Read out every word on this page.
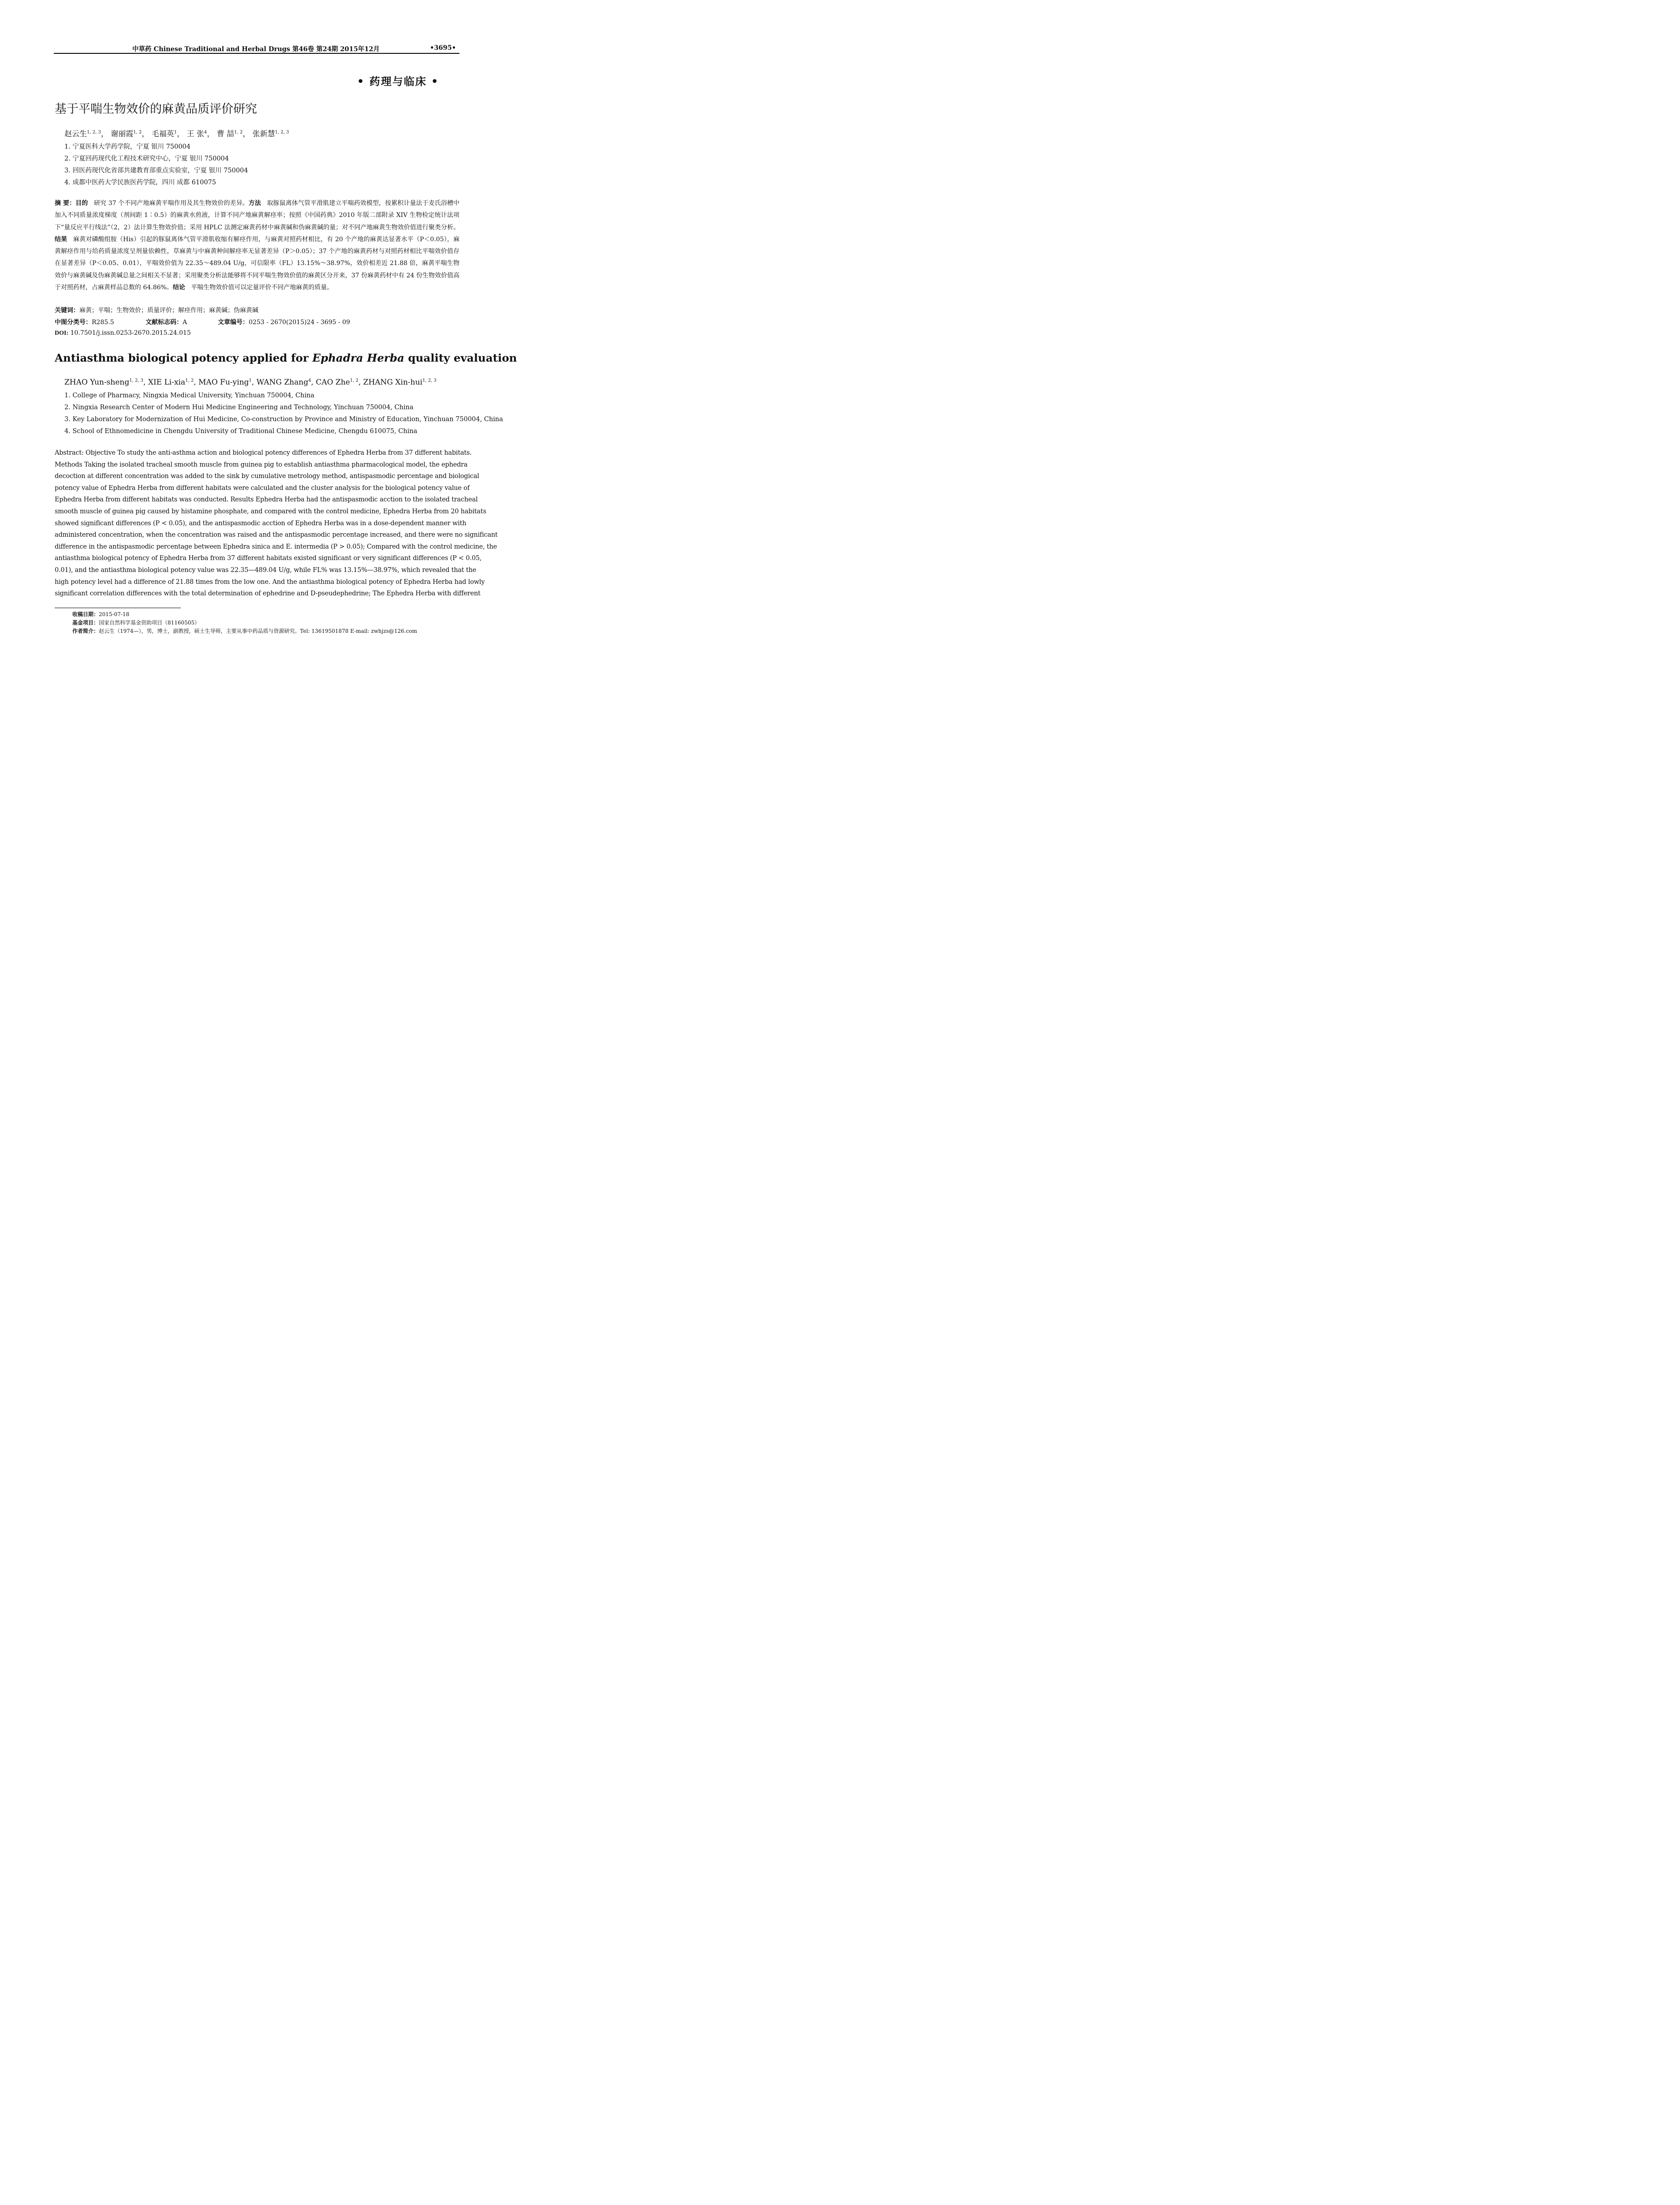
中草药 Chinese Traditional and Herbal Drugs 第46卷 第24期 2015年12月	•3695•
• 药理与临床 •
基于平喘生物效价的麻黄品质评价研究
赵云生$^{1, 2, 3}$， 谢丽霞$^{1, 2}$， 毛福英$^1$， 王 张$^4$， 曹 喆$^{1, 2}$， 张新慧$^{1, 2, 3}$
1. 宁夏医科大学药学院，宁夏 银川 750004
2. 宁夏回药现代化工程技术研究中心，宁夏 银川 750004
3. 回医药现代化省部共建教育部重点实验室，宁夏 银川 750004
4. 成都中医药大学民族医药学院，四川 成都 610075
摘 要：目的 研究 37 个不同产地麻黄平喘作用及其生物效价的差异。方法 取豚鼠离体气管平滑肌建立平喘药效模型，按累积计量法于麦氏浴槽中加入不同质量浓度梯度（剂间距 1∶0.5）的麻黄水煎液，计算不同产地麻黄解痉率；按照《中国药典》2010 年版二部附录 XIV 生物检定统计法项下“量反应平行线法”（2，2）法计算生物效价值；采用 HPLC 法测定麻黄药材中麻黄碱和伪麻黄碱的量；对不同产地麻黄生物效价值进行聚类分析。结果 麻黄对磷酸组胺（His）引起的豚鼠离体气管平滑肌收缩有解痉作用，与麻黄对照药材相比，有 20 个产地的麻黄达显著水平（P＜0.05），麻黄解痉作用与给药质量浓度呈剂量依赖性，草麻黄与中麻黄种间解痉率无显著差异（P＞0.05）；37 个产地的麻黄药材与对照药材相比平喘效价值存在显著差异（P＜0.05、0.01），平喘效价值为 22.35～489.04 U/g，可信限率（FL）13.15%～38.97%，效价相差近 21.88 倍，麻黄平喘生物效价与麻黄碱及伪麻黄碱总量之间相关不显著；采用聚类分析法能够将不同平喘生物效价值的麻黄区分开来，37 份麻黄药材中有 24 份生物效价值高于对照药材，占麻黄样品总数的 64.86%。结论 平喘生物效价值可以定量评价不同产地麻黄的质量。
关键词：麻黄；平喘；生物效价；质量评价；解痉作用；麻黄碱；伪麻黄碱
中图分类号：R285.5	文献标志码：A	文章编号：0253 - 2670(2015)24 - 3695 - 09
DOI: 10.7501/j.issn.0253-2670.2015.24.015
Antiasthma biological potency applied for Ephadra Herba quality evaluation
ZHAO Yun-sheng$^{1, 2, 3}$, XIE Li-xia$^{1, 2}$, MAO Fu-ying$^1$, WANG Zhang$^4$, CAO Zhe$^{1, 2}$, ZHANG Xin-hui$^{1, 2, 3}$
1. College of Pharmacy, Ningxia Medical University, Yinchuan 750004, China
2. Ningxia Research Center of Modern Hui Medicine Engineering and Technology, Yinchuan 750004, China
3. Key Laboratory for Modernization of Hui Medicine, Co-construction by Province and Ministry of Education, Yinchuan 750004, China
4. School of Ethnomedicine in Chengdu University of Traditional Chinese Medicine, Chengdu 610075, China
Abstract: Objective To study the anti-asthma action and biological potency differences of Ephedra Herba from 37 different habitats.
Methods Taking the isolated tracheal smooth muscle from guinea pig to establish antiasthma pharmacological model, the ephedra
decoction at different concentration was added to the sink by cumulative metrology method, antispasmodic percentage and biological
potency value of Ephedra Herba from different habitats were calculated and the cluster analysis for the biological potency value of
Ephedra Herba from different habitats was conducted. Results Ephedra Herba had the antispasmodic acction to the isolated tracheal
smooth muscle of guinea pig caused by histamine phosphate, and compared with the control medicine, Ephedra Herba from 20 habitats
showed significant differences (P < 0.05), and the antispasmodic acction of Ephedra Herba was in a dose-dependent manner with
administered concentration, when the concentration was raised and the antispasmodic percentage increased, and there were no significant
difference in the antispasmodic percentage between Ephedra sinica and E. intermedia (P > 0.05); Compared with the control medicine, the
antiasthma biological potency of Ephedra Herba from 37 different habitats existed significant or very significant differences (P < 0.05,
0.01), and the antiasthma biological potency value was 22.35—489.04 U/g, while FL% was 13.15%—38.97%, which revealed that the
high potency level had a difference of 21.88 times from the low one. And the antiasthma biological potency of Ephedra Herba had lowly
significant correlation differences with the total determination of ephedrine and D-pseudephedrine; The Ephedra Herba with different
收稿日期：2015-07-18
基金项目：国家自然科学基金资助项目（81160505）
作者简介：赵云生（1974—），男，博士，副教授，硕士生导师，主要从事中药品质与资源研究。Tel: 13619501878 E-mail: zwhjzs@126.com
